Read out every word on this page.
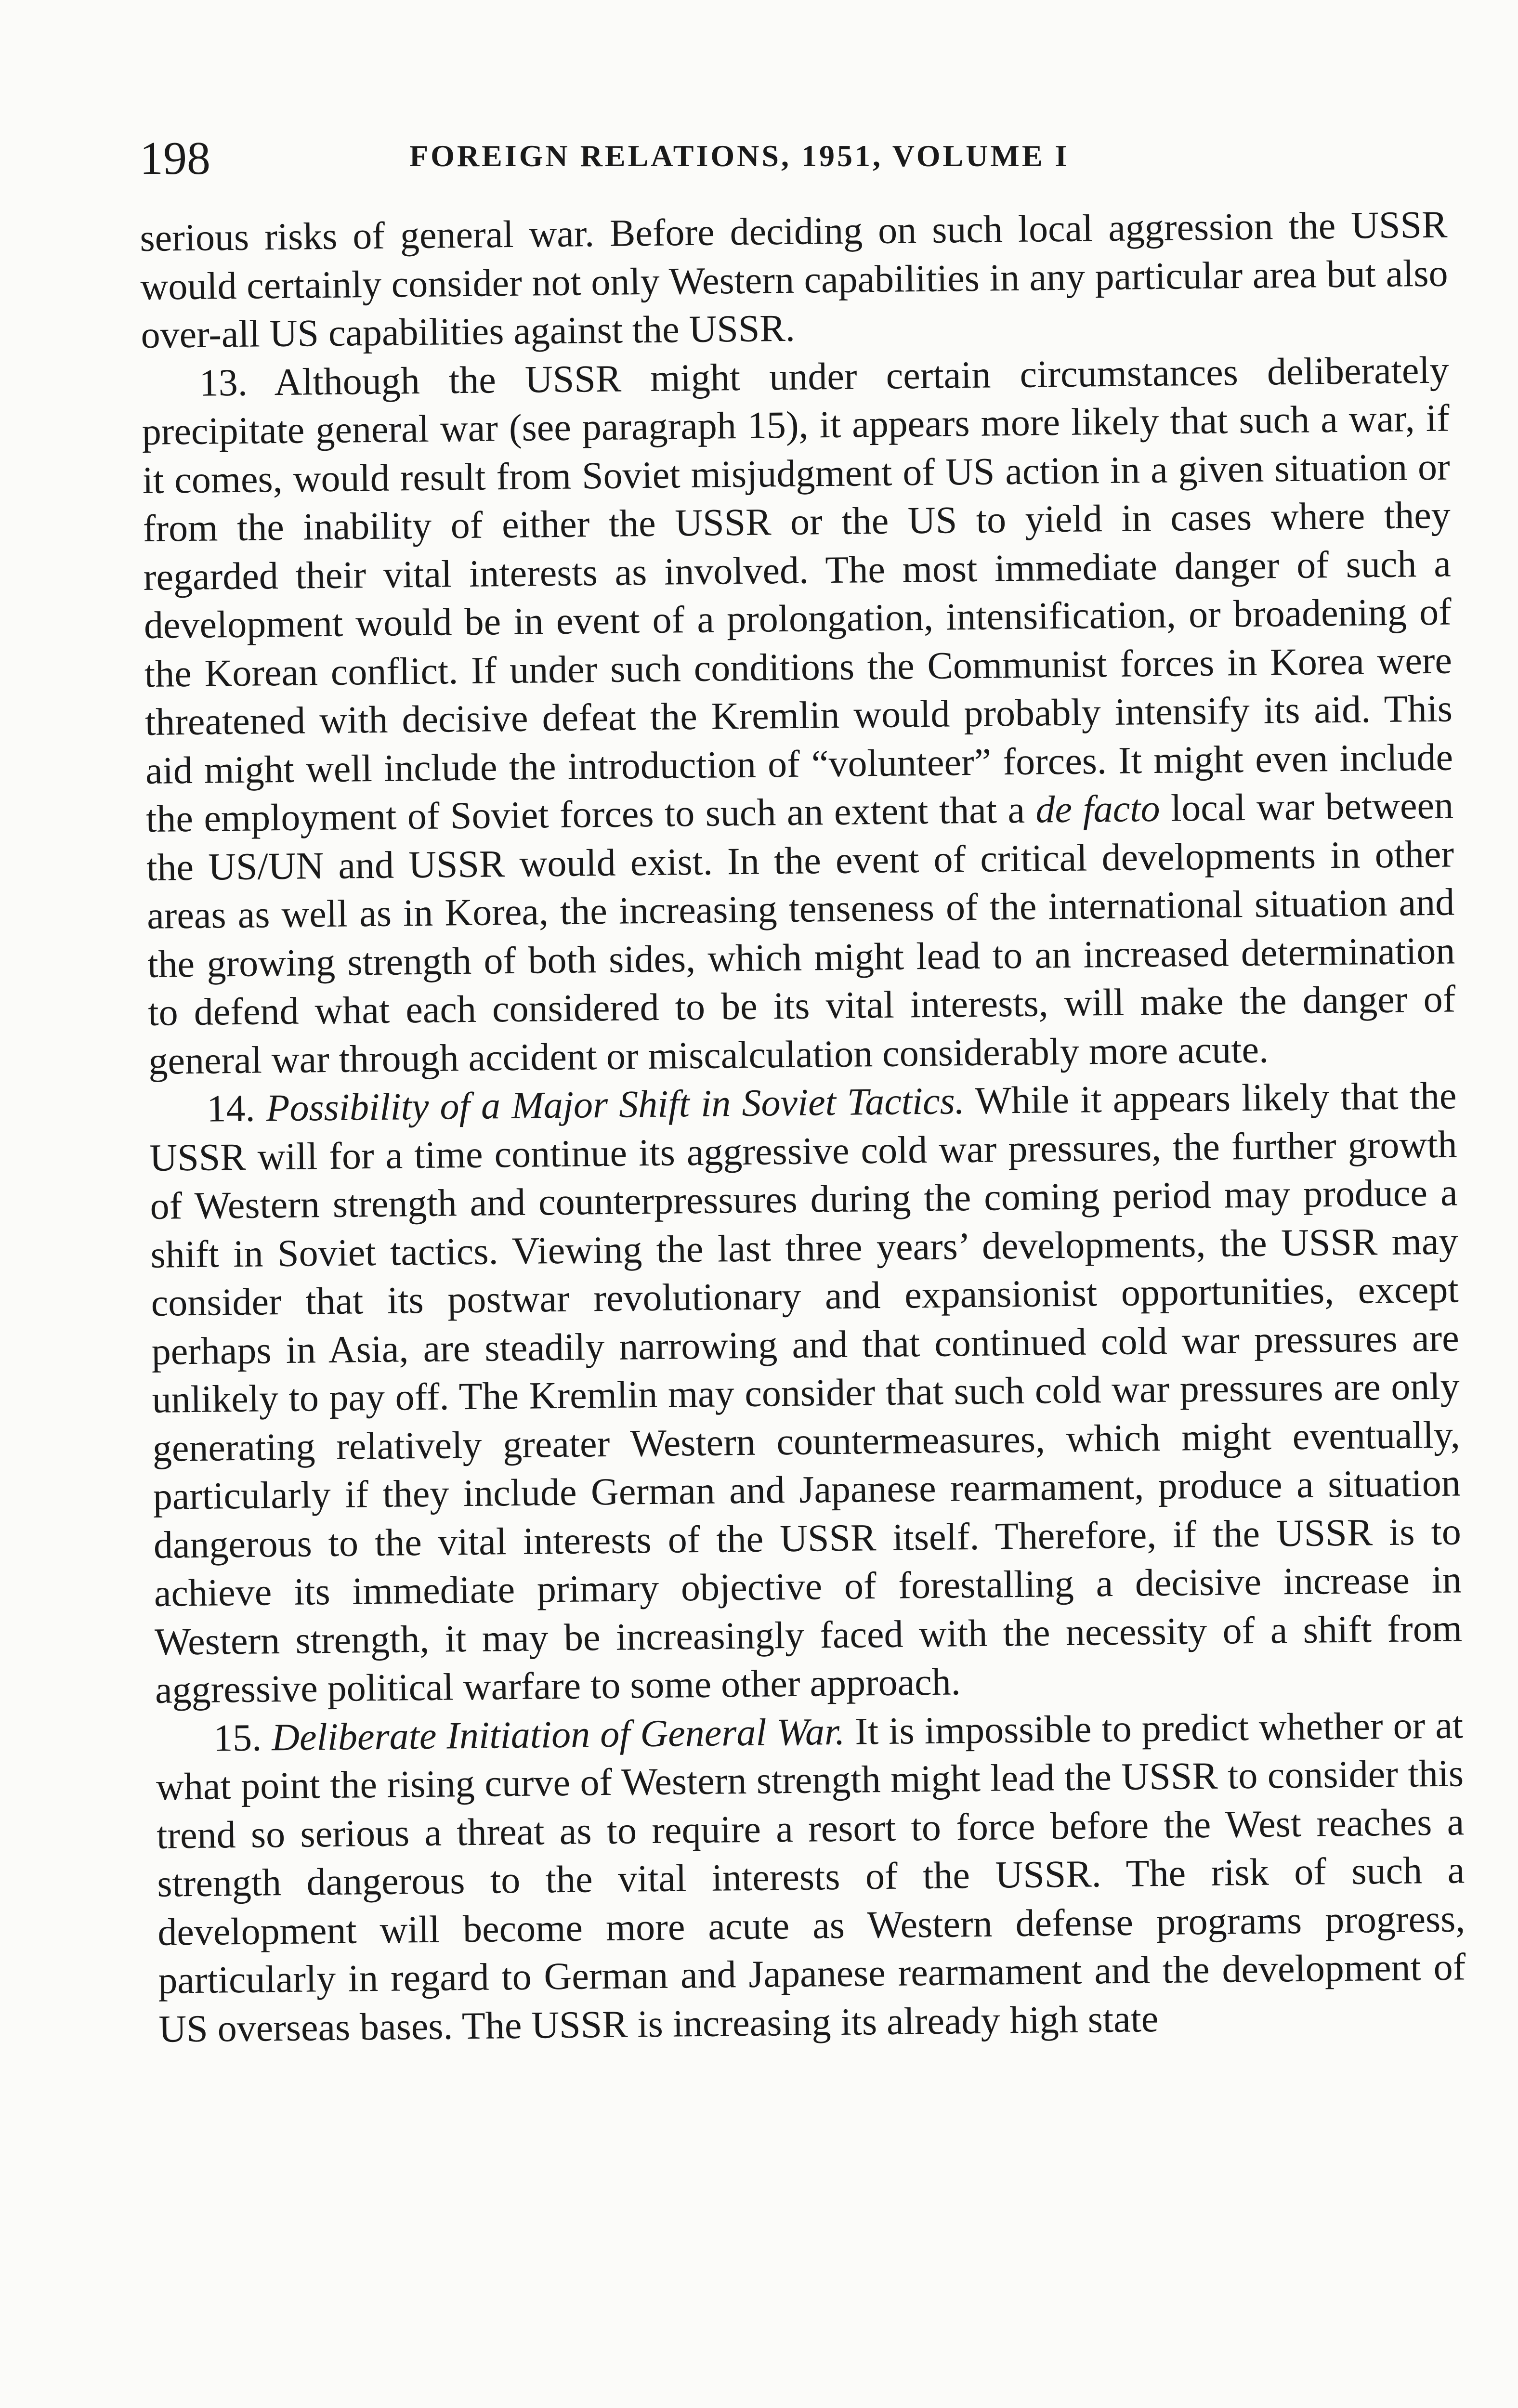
198	FOREIGN RELATIONS, 1951, VOLUME I

serious risks of general war. Before deciding on such local aggression the USSR would certainly consider not only Western capabilities in any particular area but also over-all US capabilities against the USSR.

13. Although the USSR might under certain circumstances deliberately precipitate general war (see paragraph 15), it appears more likely that such a war, if it comes, would result from Soviet misjudgment of US action in a given situation or from the inability of either the USSR or the US to yield in cases where they regarded their vital interests as involved. The most immediate danger of such a development would be in event of a prolongation, intensification, or broadening of the Korean conflict. If under such conditions the Communist forces in Korea were threatened with decisive defeat the Kremlin would probably intensify its aid. This aid might well include the introduction of “volunteer” forces. It might even include the employment of Soviet forces to such an extent that a de facto local war between the US/UN and USSR would exist. In the event of critical developments in other areas as well as in Korea, the increasing tenseness of the international situation and the growing strength of both sides, which might lead to an increased determination to defend what each considered to be its vital interests, will make the danger of general war through accident or miscalculation considerably more acute.

14. Possibility of a Major Shift in Soviet Tactics. While it appears likely that the USSR will for a time continue its aggressive cold war pressures, the further growth of Western strength and counterpressures during the coming period may produce a shift in Soviet tactics. Viewing the last three years’ developments, the USSR may consider that its postwar revolutionary and expansionist opportunities, except perhaps in Asia, are steadily narrowing and that continued cold war pressures are unlikely to pay off. The Kremlin may consider that such cold war pressures are only generating relatively greater Western countermeasures, which might eventually, particularly if they include German and Japanese rearmament, produce a situation dangerous to the vital interests of the USSR itself. Therefore, if the USSR is to achieve its immediate primary objective of forestalling a decisive increase in Western strength, it may be increasingly faced with the necessity of a shift from aggressive political warfare to some other approach.

15. Deliberate Initiation of General War. It is impossible to predict whether or at what point the rising curve of Western strength might lead the USSR to consider this trend so serious a threat as to require a resort to force before the West reaches a strength dangerous to the vital interests of the USSR. The risk of such a development will become more acute as Western defense programs progress, particularly in regard to German and Japanese rearmament and the development of US overseas bases. The USSR is increasing its already high state
